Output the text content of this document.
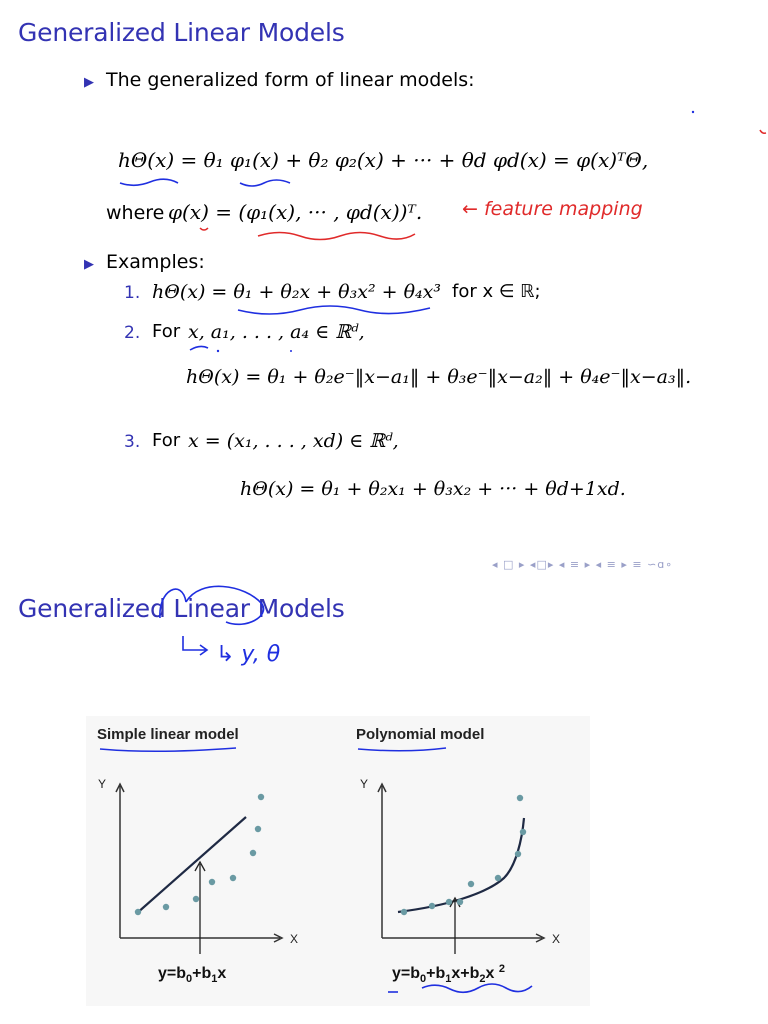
Generalized Linear Models
▶ The generalized form of linear models:
hΘ(x) = θ₁ φ₁(x) + θ₂ φ₂(x) + ··· + θd φd(x) = φ(x)ᵀΘ,
where φ(x) = (φ₁(x), ··· , φd(x))ᵀ. ← feature mapping
▶ Examples:
1. hΘ(x) = θ₁ + θ₂x + θ₃x² + θ₄x³ for x ∈ ℝ;
2. For x, a₁, . . . , a₄ ∈ ℝᵈ,
hΘ(x) = θ₁ + θ₂e⁻‖x−a₁‖ + θ₃e⁻‖x−a₂‖ + θ₄e⁻‖x−a₃‖.
3. For x = (x₁, . . . , xd) ∈ ℝᵈ,
hΘ(x) = θ₁ + θ₂x₁ + θ₃x₂ + ··· + θd+1xd.
◂ □ ▸ ◂□▸ ◂ ≡ ▸ ◂ ≡ ▸ ≡ ∽ɑ∘
Generalized Linear Models
↳ y, θ
Simple linear model	Polynomial model
Y
X
$y=b_0+b_1x$
Y
X
$y=b_0+b_1x+b_2x$ $^2$
